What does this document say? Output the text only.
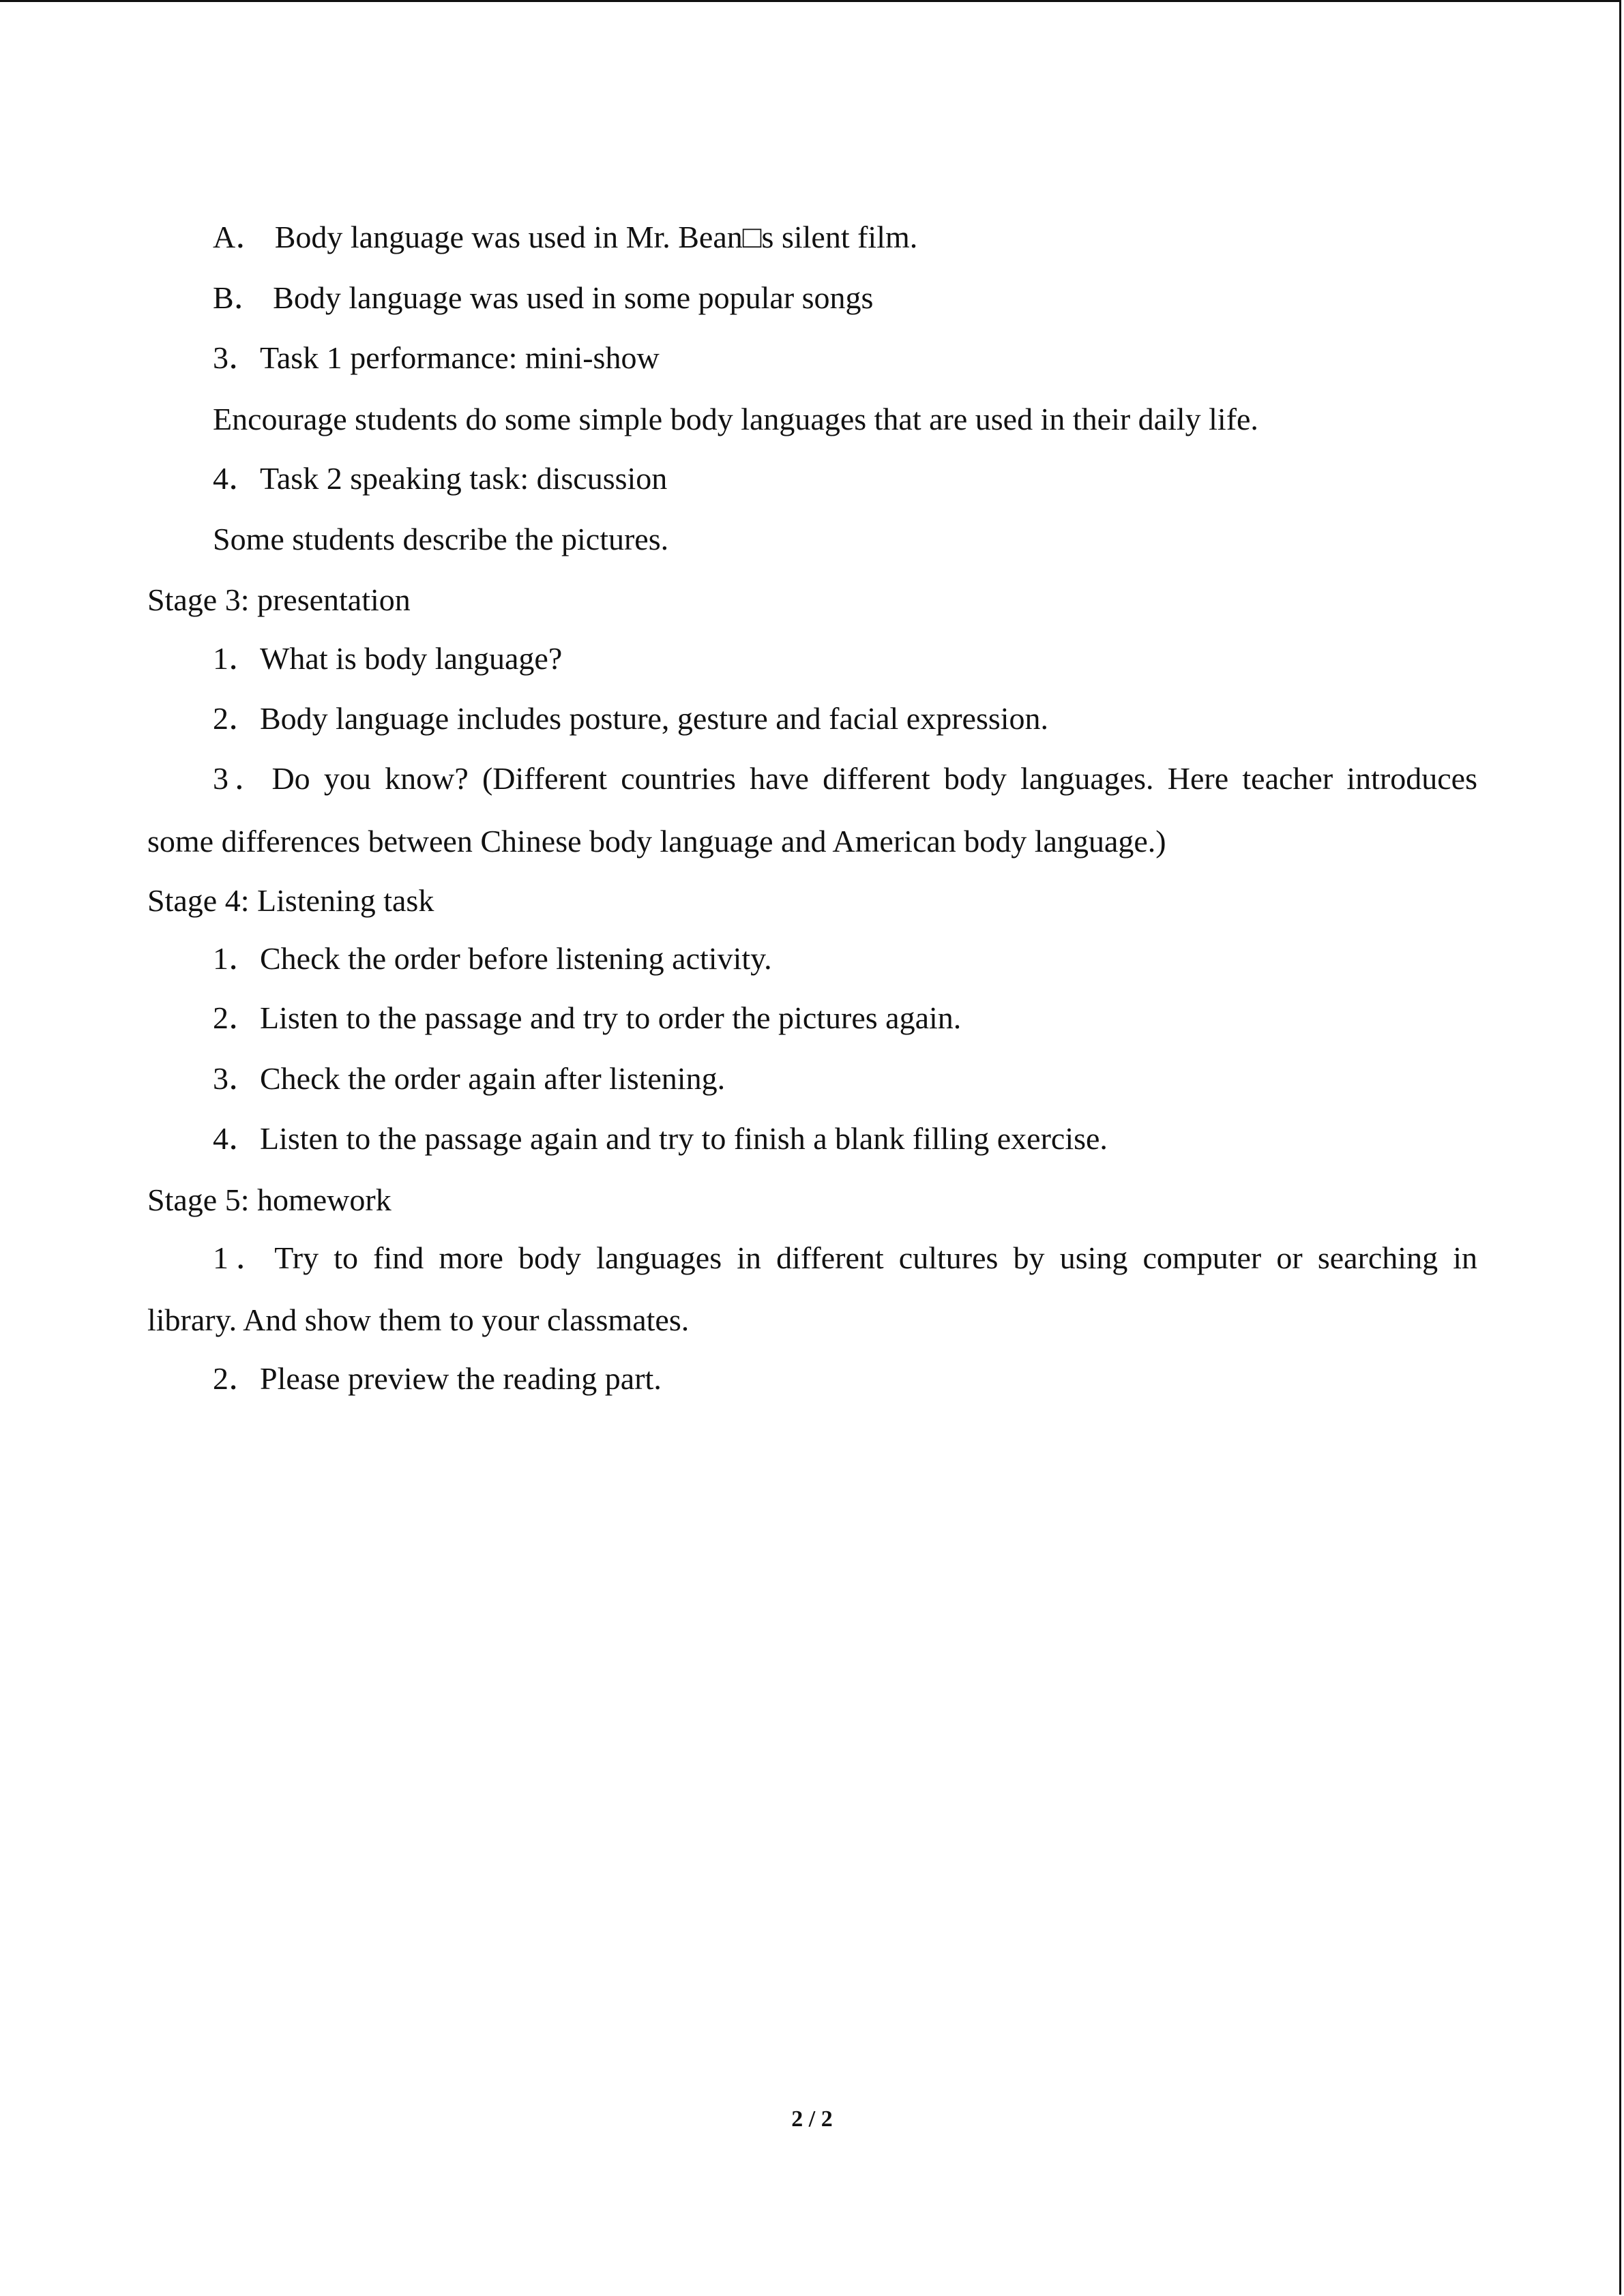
A． Body language was used in Mr. Bean□s silent film.

B． Body language was used in some popular songs

3．Task 1 performance: mini-show

Encourage students do some simple body languages that are used in their daily life.

4．Task 2 speaking task: discussion

Some students describe the pictures.

Stage 3: presentation

1．What is body language?

2．Body language includes posture, gesture and facial expression.

3．Do you know? (Different countries have different body languages. Here teacher introduces

some differences between Chinese body language and American body language.)

Stage 4: Listening task

1．Check the order before listening activity.

2．Listen to the passage and try to order the pictures again.

3．Check the order again after listening.

4．Listen to the passage again and try to finish a blank filling exercise.

Stage 5: homework

1．Try to find more body languages in different cultures by using computer or searching in

library. And show them to your classmates.

2．Please preview the reading part.

2 / 2
